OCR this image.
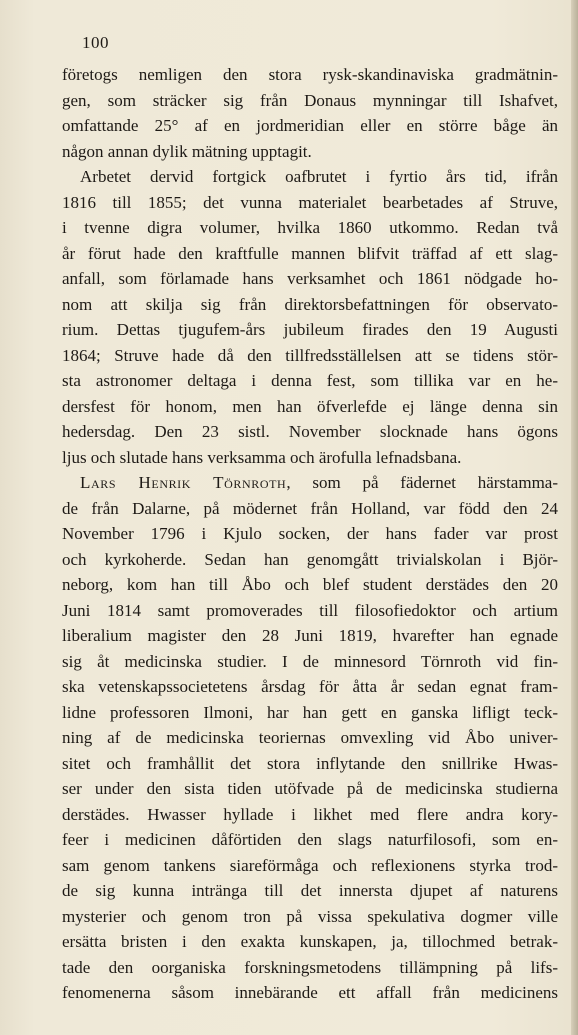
100
företogs nemligen den stora rysk-skandinaviska gradmätnin-
gen, som sträcker sig från Donaus mynningar till Ishafvet,
omfattande 25° af en jordmeridian eller en större båge än
någon annan dylik mätning upptagit.
Arbetet dervid fortgick oafbrutet i fyrtio års tid, ifrån
1816 till 1855; det vunna materialet bearbetades af Struve,
i tvenne digra volumer, hvilka 1860 utkommo. Redan två
år förut hade den kraftfulle mannen blifvit träffad af ett slag-
anfall, som förlamade hans verksamhet och 1861 nödgade ho-
nom att skilja sig från direktorsbefattningen för observato-
rium. Dettas tjugufem-års jubileum firades den 19 Augusti
1864; Struve hade då den tillfredsställelsen att se tidens stör-
sta astronomer deltaga i denna fest, som tillika var en he-
dersfest för honom, men han öfverlefde ej länge denna sin
hedersdag. Den 23 sistl. November slocknade hans ögons
ljus och slutade hans verksamma och ärofulla lefnadsbana.
Lars Henrik Törnroth, som på fädernet härstamma-
de från Dalarne, på mödernet från Holland, var född den 24
November 1796 i Kjulo socken, der hans fader var prost
och kyrkoherde. Sedan han genomgått trivialskolan i Björ-
neborg, kom han till Åbo och blef student derstädes den 20
Juni 1814 samt promoverades till filosofiedoktor och artium
liberalium magister den 28 Juni 1819, hvarefter han egnade
sig åt medicinska studier. I de minnesord Törnroth vid fin-
ska vetenskapssocietetens årsdag för åtta år sedan egnat fram-
lidne professoren Ilmoni, har han gett en ganska lifligt teck-
ning af de medicinska teoriernas omvexling vid Åbo univer-
sitet och framhållit det stora inflytande den snillrike Hwas-
ser under den sista tiden utöfvade på de medicinska studierna
derstädes. Hwasser hyllade i likhet med flere andra kory-
feer i medicinen dåförtiden den slags naturfilosofi, som en-
sam genom tankens siareförmåga och reflexionens styrka trod-
de sig kunna inträngа till det innersta djupet af naturens
mysterier och genom tron på vissa spekulativa dogmer ville
ersätta bristen i den exakta kunskapen, ja, tillochmed betrak-
tade den oorganiska forskningsmetodens tillämpning på lifs-
fenomenerna såsom innebärande ett affall från medicinens
